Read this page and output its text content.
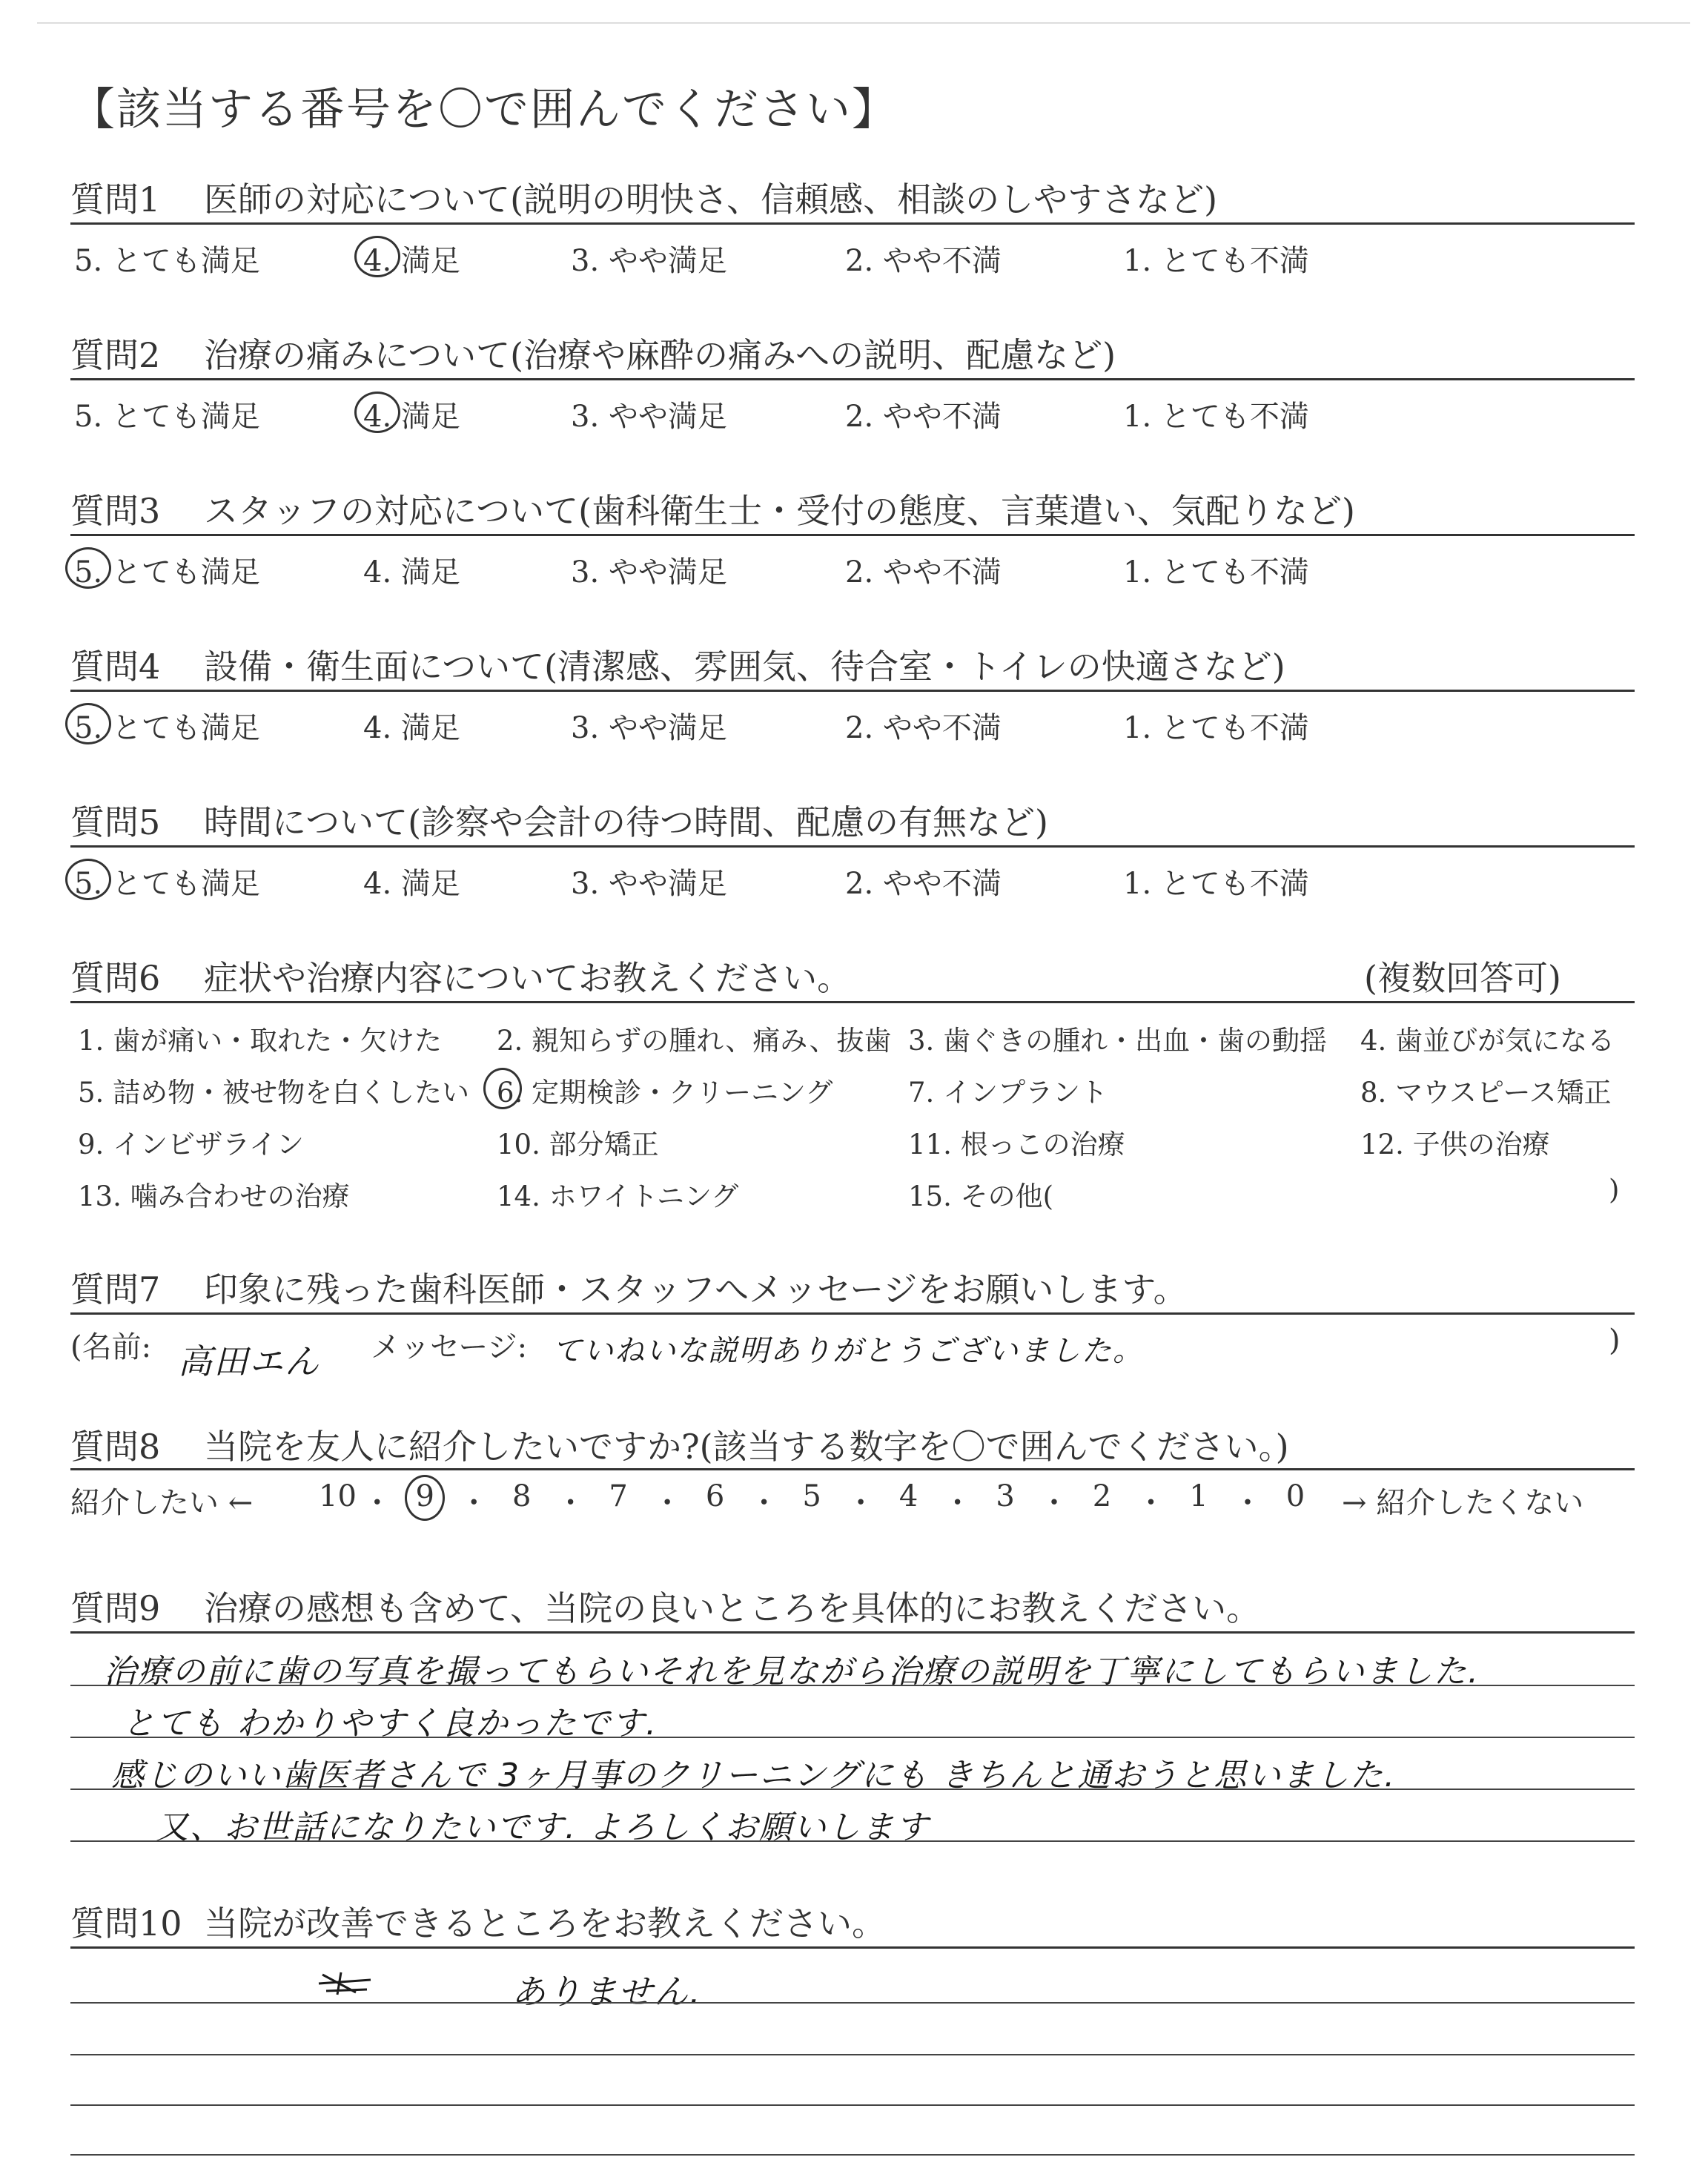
【該当する番号を〇で囲んでください】
質問1 医師の対応について(説明の明快さ、信頼感、相談のしやすさなど)
5. とても満足	4. 満足	3. やや満足	2. やや不満	1. とても不満
質問2 治療の痛みについて(治療や麻酔の痛みへの説明、配慮など)
5. とても満足	4. 満足	3. やや満足	2. やや不満	1. とても不満
質問3 スタッフの対応について(歯科衛生士・受付の態度、言葉遣い、気配りなど)
5. とても満足	4. 満足	3. やや満足	2. やや不満	1. とても不満
質問4 設備・衛生面について(清潔感、雰囲気、待合室・トイレの快適さなど)
5. とても満足	4. 満足	3. やや満足	2. やや不満	1. とても不満
質問5 時間について(診察や会計の待つ時間、配慮の有無など)
5. とても満足	4. 満足	3. やや満足	2. やや不満	1. とても不満
質問6 症状や治療内容についてお教えください。	(複数回答可)
1. 歯が痛い・取れた・欠けた 2. 親知らずの腫れ、痛み、抜歯 3. 歯ぐきの腫れ・出血・歯の動揺 4. 歯並びが気になる
5. 詰め物・被せ物を白くしたい 6. 定期検診・クリーニング	7. インプラント	8. マウスピース矯正
9. インビザライン	10. 部分矯正	11. 根っこの治療	12. 子供の治療
13. 噛み合わせの治療	14. ホワイトニング	15. その他(	)
質問7 印象に残った歯科医師・スタッフへメッセージをお願いします。
(名前: 高田エん メッセージ: ていねいな説明ありがとうございました。	)
質問8 当院を友人に紹介したいですか?(該当する数字を〇で囲んでください。)
紹介したい ← 10 ・ 9 ・ 8 ・ 7 ・ 6 ・ 5 ・ 4 ・ 3 ・ 2 ・ 1 ・ 0 → 紹介したくない
質問9 治療の感想も含めて、当院の良いところを具体的にお教えください。
治療の前に歯の写真を撮ってもらいそれを見ながら治療の説明を丁寧にしてもらいました.
とても わかりやすく良かったです.
感じのいい歯医者さんで 3ヶ月事のクリーニングにも きちんと通おうと思いました.
又、お世話になりたいです. よろしくお願いします
質問10 当院が改善できるところをお教えください。
ありません.
